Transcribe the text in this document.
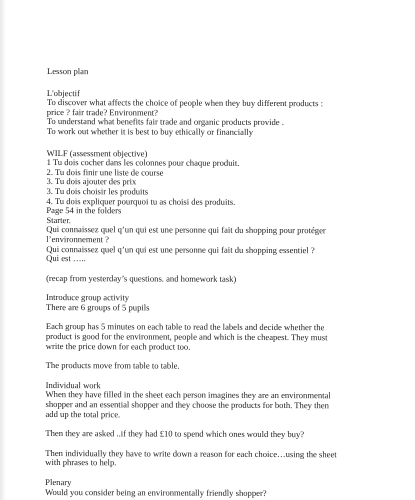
Lesson plan
L'objectif
To discover what affects the choice of people when they buy different products :
price ? fair trade? Environment?
To understand what benefits fair trade and organic products provide .
To work out whether it is best to buy ethically or financially
WILF (assessment objective)
1 Tu dois cocher dans les colonnes pour chaque produit.
2. Tu dois finir une liste de course
3. Tu dois ajouter des prix
3. Tu dois choisir les produits
4. Tu dois expliquer pourquoi tu as choisi des produits.
Page 54 in the folders
Starter.
Qui connaissez quel q’un qui est une personne qui fait du shopping pour protéger
l’environnement ?
Qui connaissez quel q’un qui est une personne qui fait du shopping essentiel ?
Qui est …..
(recap from yesterday’s questions. and homework task)
Introduce group activity
There are 6 groups of 5 pupils
Each group has 5 minutes on each table to read the labels and decide whether the
product is good for the environment, people and which is the cheapest. They must
write the price down for each product too.
The products move from table to table.
Individual work
When they have filled in the sheet each person imagines they are an environmental
shopper and an essential shopper and they choose the products for both. They then
add up the total price.
Then they are asked ..if they had £10 to spend which ones would they buy?
Then individually they have to write down a reason for each choice…using the sheet
with phrases to help.
Plenary
Would you consider being an environmentally friendly shopper?
